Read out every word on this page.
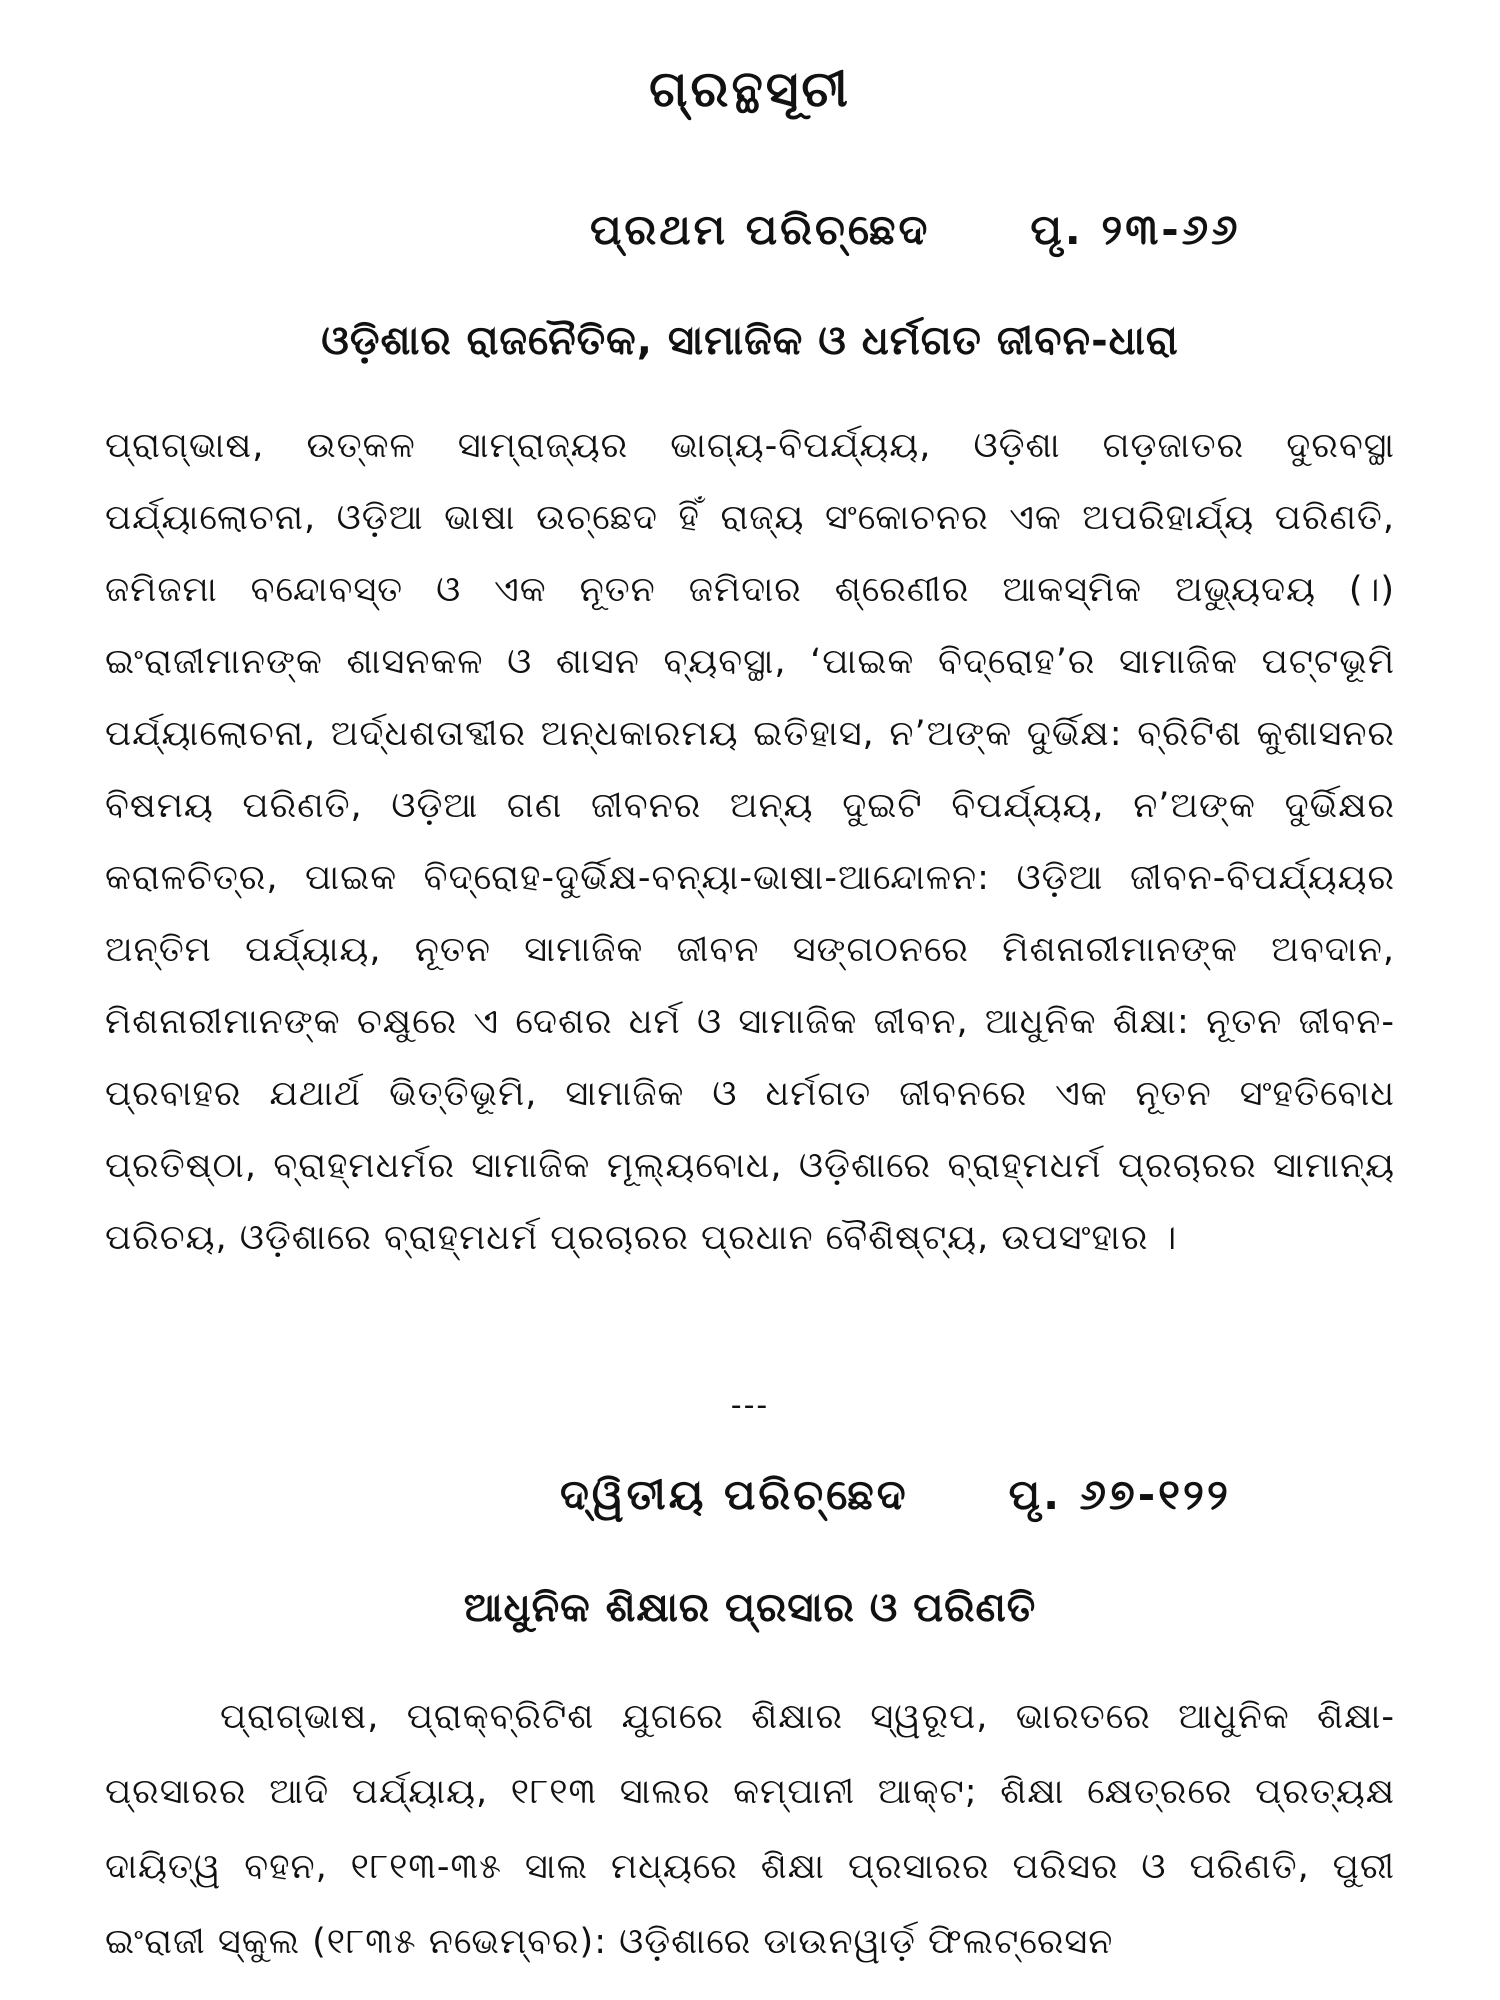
ଗ୍ରନ୍ଥସୂଚୀ
ପ୍ରଥମ ପରିଚ୍ଛେଦ ପୃ. ୨୩-୬୬
ଓଡ଼ିଶାର ରାଜନୈତିକ, ସାମାଜିକ ଓ ଧର୍ମଗତ ଜୀବନ-ଧାରା

ପ୍ରାଗ୍‌ଭାଷ, ଉତ୍କଳ ସାମ୍ରାଜ୍ୟର ଭାଗ୍ୟ-ବିପର୍ଯ୍ୟୟ, ଓଡ଼ିଶା ଗଡ଼ଜାତର ଦୁରବସ୍ଥା ପର୍ଯ୍ୟାଲୋଚନା, ଓଡ଼ିଆ ଭାଷା ଉଚ୍ଛେଦ ହିଁ ରାଜ୍ୟ ସଂକୋଚନର ଏକ ଅପରିହାର୍ଯ୍ୟ ପରିଣତି, ଜମିଜମା ବନ୍ଦୋବସ୍ତ ଓ ଏକ ନୂତନ ଜମିଦାର ଶ୍ରେଣୀର ଆକସ୍ମିକ ଅଭ୍ୟୁଦୟ (।) ଇଂରାଜୀମାନଙ୍କ ଶାସନକଳ ଓ ଶାସନ ବ୍ୟବସ୍ଥା, ‘ପାଇକ ବିଦ୍ରୋହ’ର ସାମାଜିକ ପଟ୍ଟଭୂମି ପର୍ଯ୍ୟାଲୋଚନା, ଅର୍ଦ୍ଧଶତାବ୍ଦୀର ଅନ୍ଧକାରମୟ ଇତିହାସ, ନ’ଅଙ୍କ ଦୁର୍ଭିକ୍ଷ: ବ୍ରିଟିଶ କୁଶାସନର ବିଷମୟ ପରିଣତି, ଓଡ଼ିଆ ଗଣ ଜୀବନର ଅନ୍ୟ ଦୁଇଟି ବିପର୍ଯ୍ୟୟ, ନ’ଅଙ୍କ ଦୁର୍ଭିକ୍ଷର କରାଳଚିତ୍ର, ପାଇକ ବିଦ୍ରୋହ-ଦୁର୍ଭିକ୍ଷ-ବନ୍ୟା-ଭାଷା-ଆନ୍ଦୋଳନ: ଓଡ଼ିଆ ଜୀବନ-ବିପର୍ଯ୍ୟୟର ଅନ୍ତିମ ପର୍ଯ୍ୟାୟ, ନୂତନ ସାମାଜିକ ଜୀବନ ସଙ୍ଗଠନରେ ମିଶନାରୀମାନଙ୍କ ଅବଦାନ, ମିଶନାରୀମାନଙ୍କ ଚକ୍ଷୁରେ ଏ ଦେଶର ଧର୍ମ ଓ ସାମାଜିକ ଜୀବନ, ଆଧୁନିକ ଶିକ୍ଷା: ନୂତନ ଜୀବନ-ପ୍ରବାହର ଯଥାର୍ଥ ଭିତ୍ତିଭୂମି, ସାମାଜିକ ଓ ଧର୍ମଗତ ଜୀବନରେ ଏକ ନୂତନ ସଂହତିବୋଧ ପ୍ରତିଷ୍ଠା, ବ୍ରାହ୍ମଧର୍ମର ସାମାଜିକ ମୂଲ୍ୟବୋଧ, ଓଡ଼ିଶାରେ ବ୍ରାହ୍ମଧର୍ମ ପ୍ରଚାରର ସାମାନ୍ୟ ପରିଚୟ, ଓଡ଼ିଶାରେ ବ୍ରାହ୍ମଧର୍ମ ପ୍ରଚାରର ପ୍ରଧାନ ବୈଶିଷ୍ଟ୍ୟ, ଉପସଂହାର ।

---
ଦ୍ୱିତୀୟ ପରିଚ୍ଛେଦ ପୃ. ୬୭-୧୨୨
ଆଧୁନିକ ଶିକ୍ଷାର ପ୍ରସାର ଓ ପରିଣତି

ପ୍ରାଗ୍‌ଭାଷ, ପ୍ରାକ୍‌ବ୍ରିଟିଶ ଯୁଗରେ ଶିକ୍ଷାର ସ୍ୱରୂପ, ଭାରତରେ ଆଧୁନିକ ଶିକ୍ଷା-ପ୍ରସାରର ଆଦି ପର୍ଯ୍ୟାୟ, ୧୮୧୩ ସାଲର କମ୍ପାନୀ ଆକ୍ଟ; ଶିକ୍ଷା କ୍ଷେତ୍ରରେ ପ୍ରତ୍ୟକ୍ଷ ଦାୟିତ୍ୱ ବହନ, ୧୮୧୩-୩୫ ସାଲ ମଧ୍ୟରେ ଶିକ୍ଷା ପ୍ରସାରର ପରିସର ଓ ପରିଣତି, ପୁରୀ ଇଂରାଜୀ ସ୍କୁଲ (୧୮୩୫ ନଭେମ୍ବର): ଓଡ଼ିଶାରେ ଡାଉନୱାର୍ଡ଼ ଫିଲଟ୍ରେସନ
